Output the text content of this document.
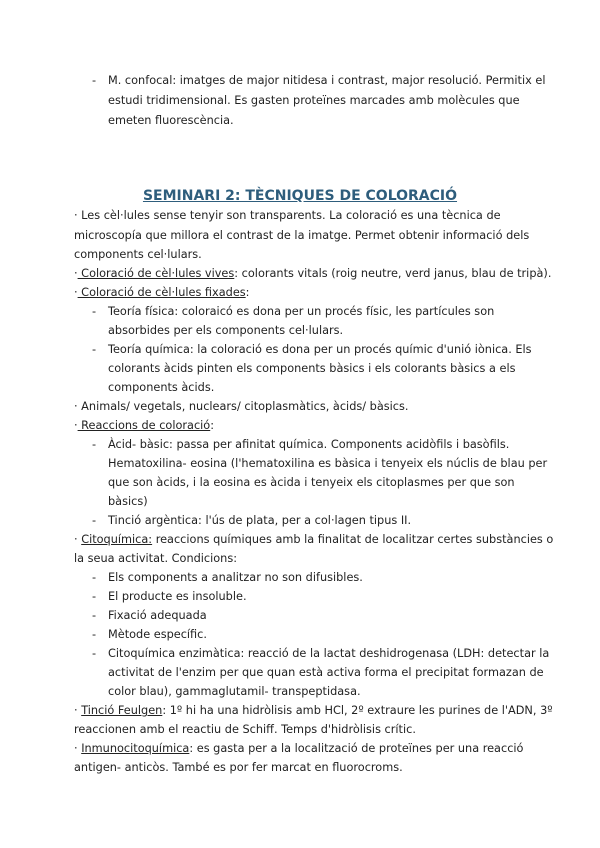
- M. confocal: imatges de major nitidesa i contrast, major resolució. Permitix el

estudi tridimensional. Es gasten proteïnes marcades amb molècules que

emeten fluorescència.

SEMINARI 2: TÈCNIQUES DE COLORACIÓ

· Les cèl·lules sense tenyir son transparents. La coloració es una tècnica de

microscopía que millora el contrast de la imatge. Permet obtenir informació dels

components cel·lulars.

· Coloració de cèl·lules vives: colorants vitals (roig neutre, verd janus, blau de tripà).

· Coloració de cèl·lules fixades:

- Teoría física: coloraicó es dona per un procés físic, les partícules son

absorbides per els components cel·lulars.

- Teoría química: la coloració es dona per un procés químic d'unió iònica. Els

colorants àcids pinten els components bàsics i els colorants bàsics a els

components àcids.

· Animals/ vegetals, nuclears/ citoplasmàtics, àcids/ bàsics.

· Reaccions de coloració:

- Àcid- bàsic: passa per afinitat química. Components acidòfils i basòfils.

Hematoxilina- eosina (l'hematoxilina es bàsica i tenyeix els núclis de blau per

que son àcids, i la eosina es àcida i tenyeix els citoplasmes per que son

bàsics)

- Tinció argèntica: l'ús de plata, per a col·lagen tipus II.

· Citoquímica: reaccions químiques amb la finalitat de localitzar certes substàncies o

la seua activitat. Condicions:

- Els components a analitzar no son difusibles.

- El producte es insoluble.

- Fixació adequada

- Mètode específic.

- Citoquímica enzimàtica: reacció de la lactat deshidrogenasa (LDH: detectar la

activitat de l'enzim per que quan està activa forma el precipitat formazan de

color blau), gammaglutamil- transpeptidasa.

· Tinció Feulgen: 1º hi ha una hidròlisis amb HCl, 2º extraure les purines de l'ADN, 3º

reaccionen amb el reactiu de Schiff. Temps d'hidròlisis crític.

· Inmunocitoquímica: es gasta per a la localització de proteïnes per una reacció

antigen- anticòs. També es por fer marcat en fluorocroms.
